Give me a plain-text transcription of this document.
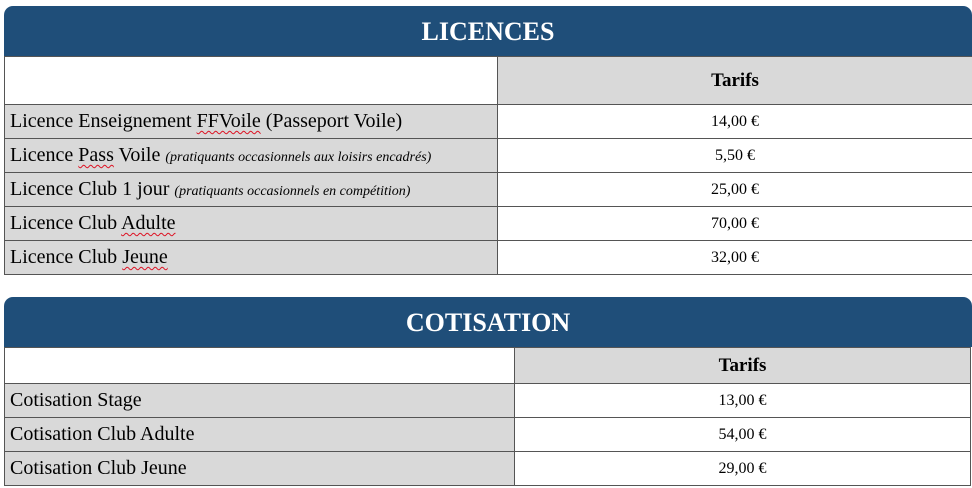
LICENCES
	Tarifs
Licence Enseignement FFVoile (Passeport Voile)	14,00 €
Licence Pass Voile (pratiquants occasionnels aux loisirs encadrés)	5,50 €
Licence Club 1 jour (pratiquants occasionnels en compétition)	25,00 €
Licence Club Adulte	70,00 €
Licence Club Jeune	32,00 €
COTISATION
	Tarifs
Cotisation Stage	13,00 €
Cotisation Club Adulte	54,00 €
Cotisation Club Jeune	29,00 €
